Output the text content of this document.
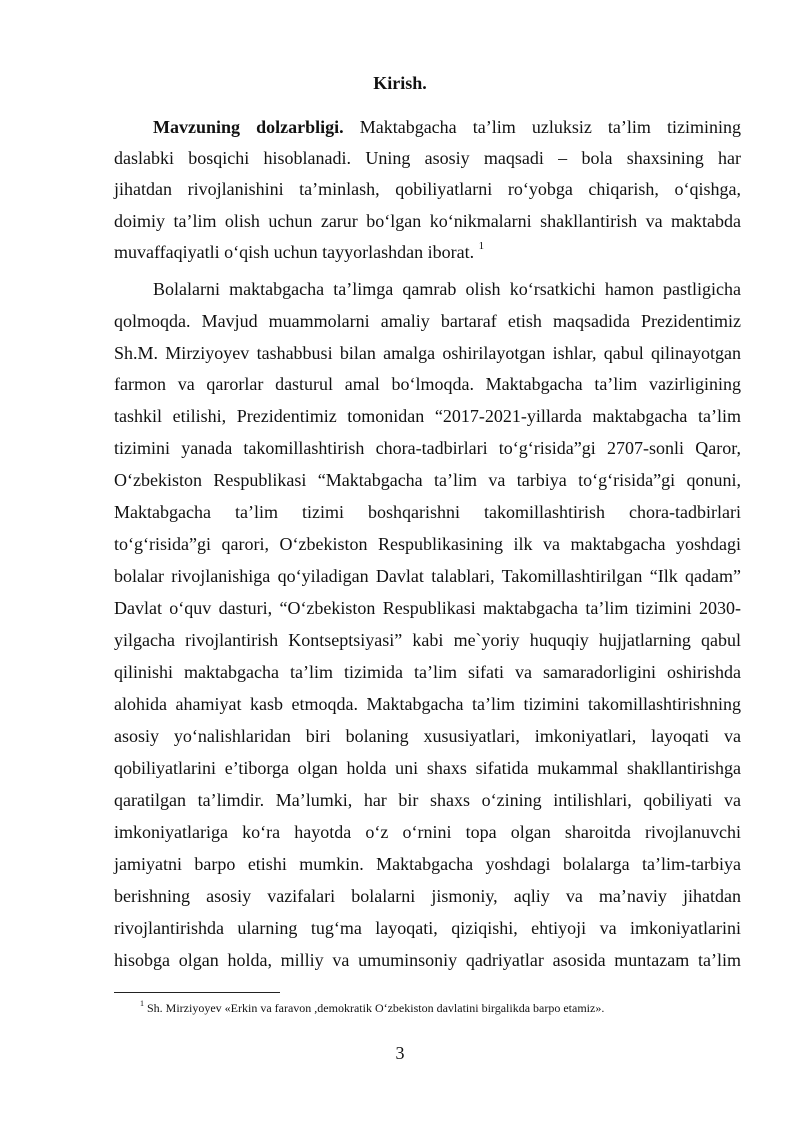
Kirish.
Mavzuning dolzarbligi. Maktabgacha ta’lim uzluksiz ta’lim tizimining
daslabki bosqichi hisoblanadi. Uning asosiy maqsadi – bola shaxsining har
jihatdan rivojlanishini ta’minlash, qobiliyatlarni ro‘yobga chiqarish, o‘qishga,
doimiy ta’lim olish uchun zarur bo‘lgan ko‘nikmalarni shakllantirish va maktabda
muvaffaqiyatli o‘qish uchun tayyorlashdan iborat. $^1$
Bolalarni maktabgacha ta’limga qamrab olish ko‘rsatkichi hamon pastligicha
qolmoqda. Mavjud muammolarni amaliy bartaraf etish maqsadida Prezidentimiz
Sh.M. Mirziyoyev tashabbusi bilan amalga oshirilayotgan ishlar, qabul qilinayotgan
farmon va qarorlar dasturul amal bo‘lmoqda. Maktabgacha ta’lim vazirligining
tashkil etilishi, Prezidentimiz tomonidan “2017-2021-yillarda maktabgacha ta’lim
tizimini yanada takomillashtirish chora-tadbirlari to‘g‘risida”gi 2707-sonli Qaror,
O‘zbekiston Respublikasi “Maktabgacha ta’lim va tarbiya to‘g‘risida”gi qonuni,
Maktabgacha ta’lim tizimi boshqarishni takomillashtirish chora-tadbirlari
to‘g‘risida”gi qarori, O‘zbekiston Respublikasining ilk va maktabgacha yoshdagi
bolalar rivojlanishiga qo‘yiladigan Davlat talablari, Takomillashtirilgan “Ilk qadam”
Davlat o‘quv dasturi, “O‘zbekiston Respublikasi maktabgacha ta’lim tizimini 2030-
yilgacha rivojlantirish Kontseptsiyasi” kabi me`yoriy huquqiy hujjatlarning qabul
qilinishi maktabgacha ta’lim tizimida ta’lim sifati va samaradorligini oshirishda
alohida ahamiyat kasb etmoqda. Maktabgacha ta’lim tizimini takomillashtirishning
asosiy yo‘nalishlaridan biri bolaning xususiyatlari, imkoniyatlari, layoqati va
qobiliyatlarini e’tiborga olgan holda uni shaxs sifatida mukammal shakllantirishga
qaratilgan ta’limdir. Ma’lumki, har bir shaxs o‘zining intilishlari, qobiliyati va
imkoniyatlariga ko‘ra hayotda o‘z o‘rnini topa olgan sharoitda rivojlanuvchi
jamiyatni barpo etishi mumkin. Maktabgacha yoshdagi bolalarga ta’lim-tarbiya
berishning asosiy vazifalari bolalarni jismoniy, aqliy va ma’naviy jihatdan
rivojlantirishda ularning tug‘ma layoqati, qiziqishi, ehtiyoji va imkoniyatlarini
hisobga olgan holda, milliy va umuminsoniy qadriyatlar asosida muntazam ta’lim
$^1$ Sh. Mirziyoyev «Erkin va faravon ,demokratik O‘zbekiston davlatini birgalikda barpo etamiz».
3
